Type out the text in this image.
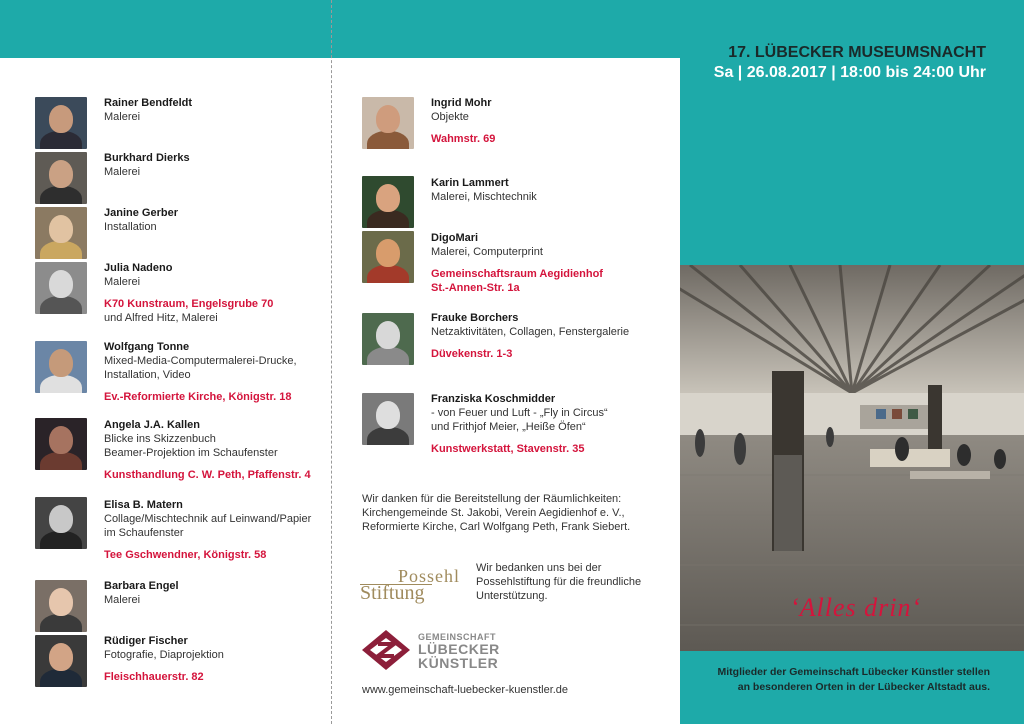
Rainer Bendfeldt
Malerei
Burkhard Dierks
Malerei
Janine Gerber
Installation
Julia Nadeno
Malerei
K70 Kunstraum, Engelsgrube 70
und Alfred Hitz, Malerei
Wolfgang Tonne
Mixed-Media-Computermalerei-Drucke,
Installation, Video
Ev.-Reformierte Kirche, Königstr. 18
Angela J.A. Kallen
Blicke ins Skizzenbuch
Beamer-Projektion im Schaufenster
Kunsthandlung C. W. Peth, Pfaffenstr. 4
Elisa B. Matern
Collage/Mischtechnik auf Leinwand/Papier
im Schaufenster
Tee Gschwendner, Königstr. 58
Barbara Engel
Malerei
Rüdiger Fischer
Fotografie, Diaprojektion
Fleischhauerstr. 82
Ingrid Mohr
Objekte
Wahmstr. 69
Karin Lammert
Malerei, Mischtechnik
DigoMari
Malerei, Computerprint
Gemeinschaftsraum Aegidienhof
St.-Annen-Str. 1a
Frauke Borchers
Netzaktivitäten, Collagen, Fenstergalerie
Düvekenstr. 1-3
Franziska Koschmidder
- von Feuer und Luft - „Fly in Circus“
und Frithjof Meier, „Heiße Öfen“
Kunstwerkstatt, Stavenstr. 35
Wir danken für die Bereitstellung der Räumlichkeiten: Kirchengemeinde St. Jakobi, Verein Aegidienhof e. V., Reformierte Kirche, Carl Wolfgang Peth, Frank Siebert.
Possehl
Stiftung
Wir bedanken uns bei der Possehlstiftung für die freundliche Unterstützung.
GEMEINSCHAFT
LÜBECKER
KÜNSTLER
www.gemeinschaft-luebecker-kuenstler.de
17. LÜBECKER MUSEUMSNACHT
Sa | 26.08.2017 | 18:00 bis 24:00 Uhr
‘Alles drin‘
Mitglieder der Gemeinschaft Lübecker Künstler stellen
an besonderen Orten in der Lübecker Altstadt aus.
